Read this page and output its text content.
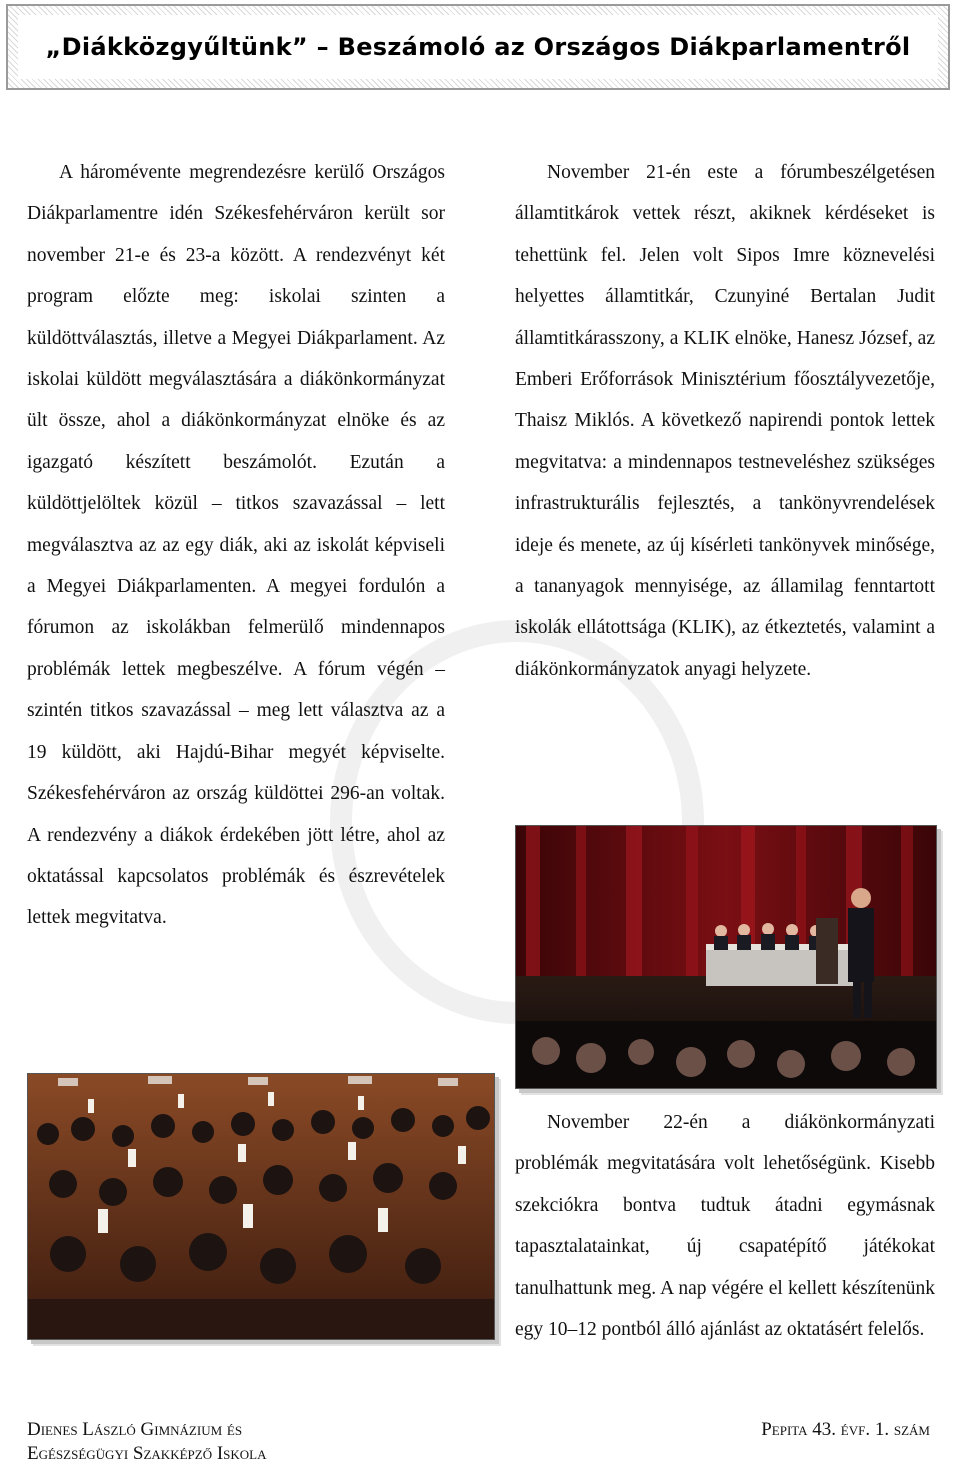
„Diákközgyűltünk” – Beszámoló az Országos Diákparlamentről

A háromévente megrendezésre kerülő Országos Diákparlamentre idén Székesfehérváron került sor november 21-e és 23-a között. A rendezvényt két program előzte meg: iskolai szinten a küldöttválasztás, illetve a Megyei Diákparlament. Az iskolai küldött megválasztására a diákönkormányzat ült össze, ahol a diákönkormányzat elnöke és az igazgató készített beszámolót. Ezután a küldöttjelöltek közül – titkos szavazással – lett megválasztva az az egy diák, aki az iskolát képviseli a Megyei Diákparlamenten. A megyei fordulón a fórumon az iskolákban felmerülő mindennapos problémák lettek megbeszélve. A fórum végén – szintén titkos szavazással – meg lett választva az a 19 küldött, aki Hajdú-Bihar megyét képviselte. Székesfehérváron az ország küldöttei 296-an voltak. A rendezvény a diákok érdekében jött létre, ahol az oktatással kapcsolatos problémák és észrevételek lettek megvitatva.

November 21-én este a fórumbeszélgetésen államtitkárok vettek részt, akiknek kérdéseket is tehettünk fel. Jelen volt Sipos Imre köznevelési helyettes államtitkár, Czunyiné Bertalan Judit államtitkárasszony, a KLIK elnöke, Hanesz József, az Emberi Erőforrások Minisztérium főosztályvezetője, Thaisz Miklós. A következő napirendi pontok lettek megvitatva: a mindennapos testneveléshez szükséges infrastrukturális fejlesztés, a tankönyvrendelések ideje és menete, az új kísérleti tankönyvek minősége, a tananyagok mennyisége, az államilag fenntartott iskolák ellátottsága (KLIK), az étkeztetés, valamint a diákönkormányzatok anyagi helyzete.

November 22-én a diákönkormányzati problémák megvitatására volt lehetőségünk. Kisebb szekciókra bontva tudtuk átadni egymásnak tapasztalatainkat, új csapatépítő játékokat tanulhattunk meg. A nap végére el kellett készítenünk egy 10–12 pontból álló ajánlást az oktatásért felelős.

Dienes László Gimnázium és
Egészségügyi Szakképző Iskola
Pepita 43. évf. 1. szám
